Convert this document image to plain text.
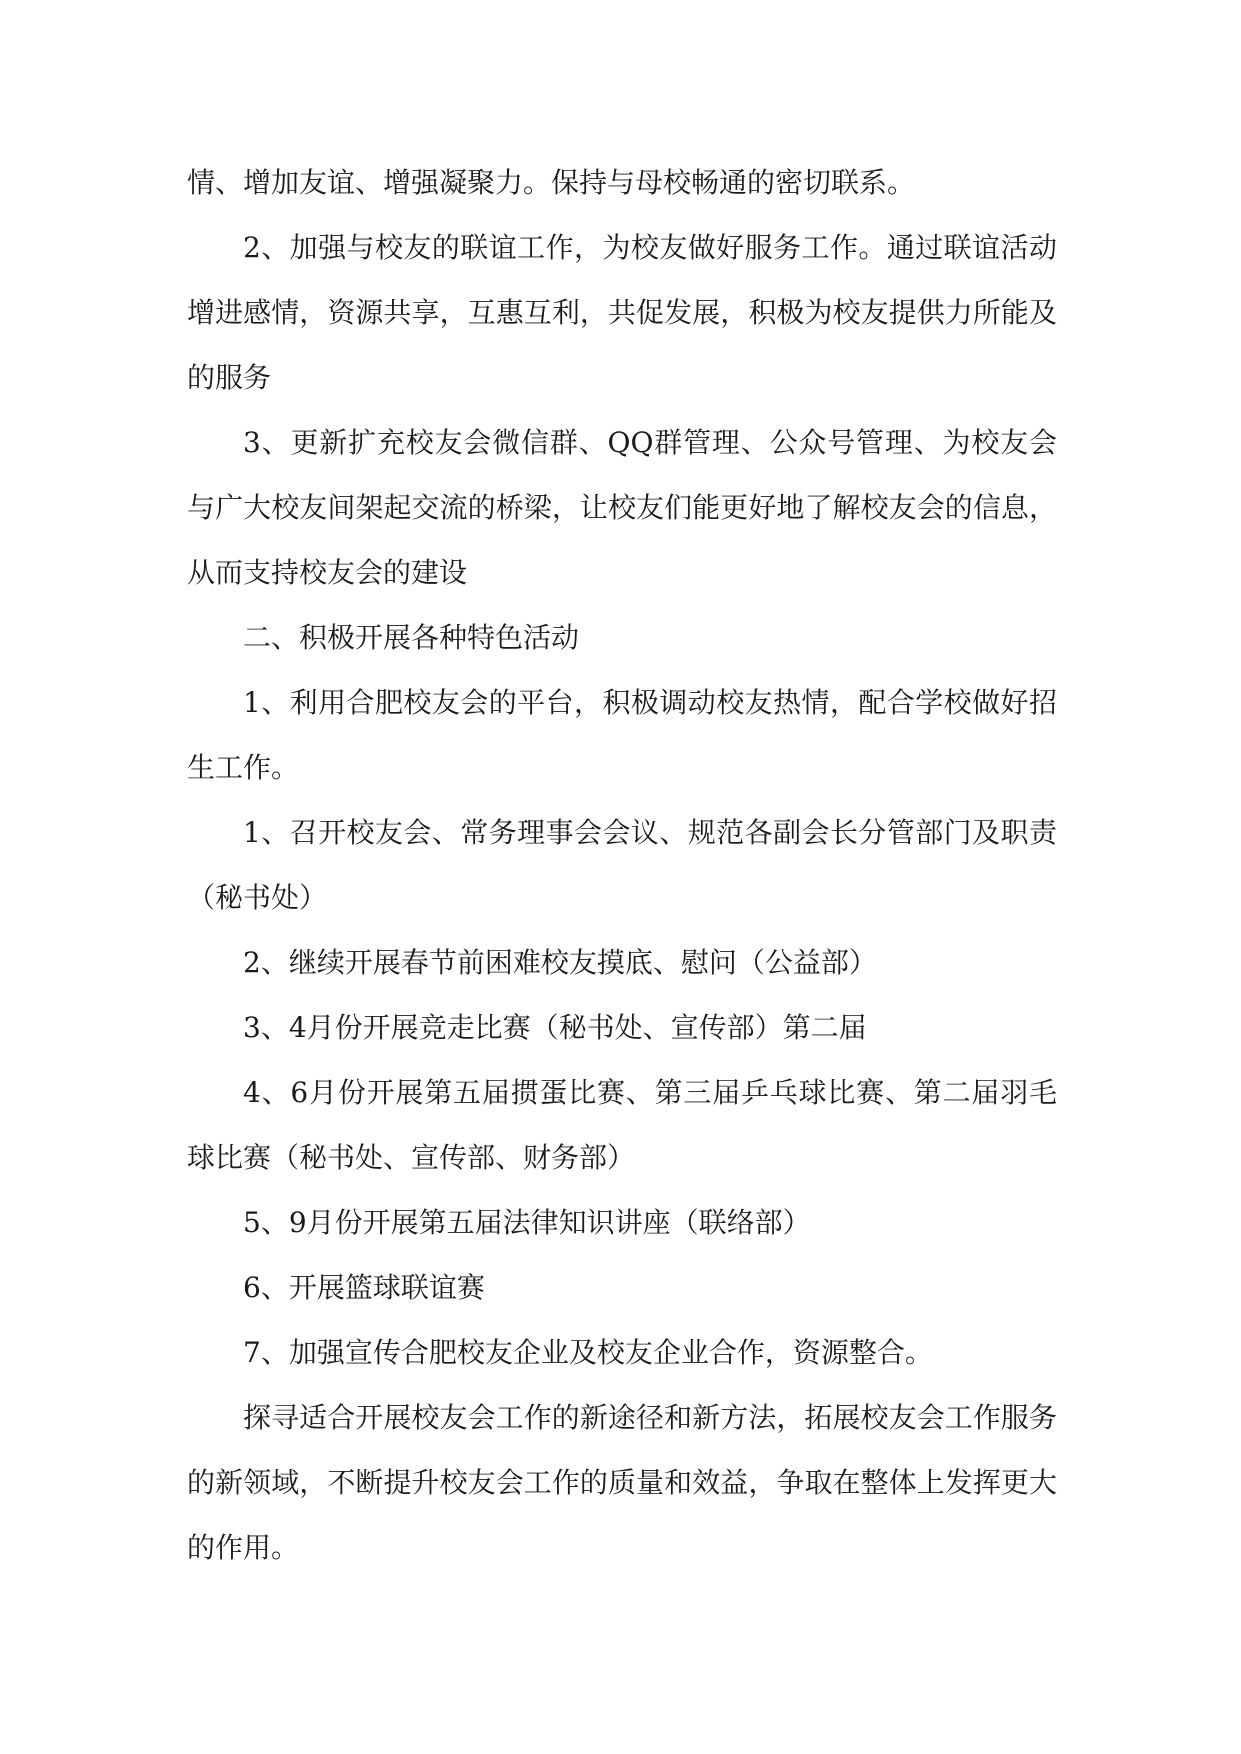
情、增加友谊、增强凝聚力。保持与母校畅通的密切联系。

2、加强与校友的联谊工作，为校友做好服务工作。通过联谊活动增进感情，资源共享，互惠互利，共促发展，积极为校友提供力所能及的服务

3、更新扩充校友会微信群、QQ群管理、公众号管理、为校友会与广大校友间架起交流的桥梁，让校友们能更好地了解校友会的信息，从而支持校友会的建设

二、积极开展各种特色活动

1、利用合肥校友会的平台，积极调动校友热情，配合学校做好招生工作。

1、召开校友会、常务理事会会议、规范各副会长分管部门及职责（秘书处）

2、继续开展春节前困难校友摸底、慰问（公益部）

3、4月份开展竞走比赛（秘书处、宣传部）第二届

4、6月份开展第五届掼蛋比赛、第三届乒乓球比赛、第二届羽毛球比赛（秘书处、宣传部、财务部）

5、9月份开展第五届法律知识讲座（联络部）

6、开展篮球联谊赛

7、加强宣传合肥校友企业及校友企业合作，资源整合。

探寻适合开展校友会工作的新途径和新方法，拓展校友会工作服务的新领域，不断提升校友会工作的质量和效益，争取在整体上发挥更大的作用。
